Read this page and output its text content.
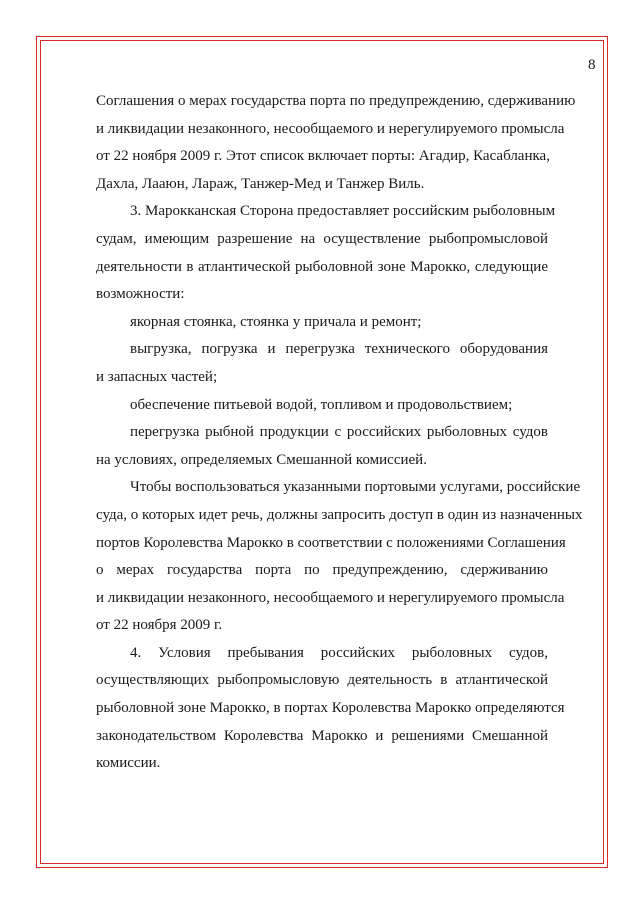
8
Соглашения о мерах государства порта по предупреждению, сдерживанию
и ликвидации незаконного, несообщаемого и нерегулируемого промысла
от 22 ноября 2009 г. Этот список включает порты: Агадир, Касабланка,
Дахла, Лааюн, Лараж, Танжер-Мед и Танжер Виль.
3. Марокканская Сторона предоставляет российским рыболовным
судам, имеющим разрешение на осуществление рыбопромысловой
деятельности в атлантической рыболовной зоне Марокко, следующие
возможности:
якорная стоянка, стоянка у причала и ремонт;
выгрузка, погрузка и перегрузка технического оборудования
и запасных частей;
обеспечение питьевой водой, топливом и продовольствием;
перегрузка рыбной продукции с российских рыболовных судов
на условиях, определяемых Смешанной комиссией.
Чтобы воспользоваться указанными портовыми услугами, российские
суда, о которых идет речь, должны запросить доступ в один из назначенных
портов Королевства Марокко в соответствии с положениями Соглашения
о мерах государства порта по предупреждению, сдерживанию
и ликвидации незаконного, несообщаемого и нерегулируемого промысла
от 22 ноября 2009 г.
4. Условия пребывания российских рыболовных судов,
осуществляющих рыбопромысловую деятельность в атлантической
рыболовной зоне Марокко, в портах Королевства Марокко определяются
законодательством Королевства Марокко и решениями Смешанной
комиссии.
